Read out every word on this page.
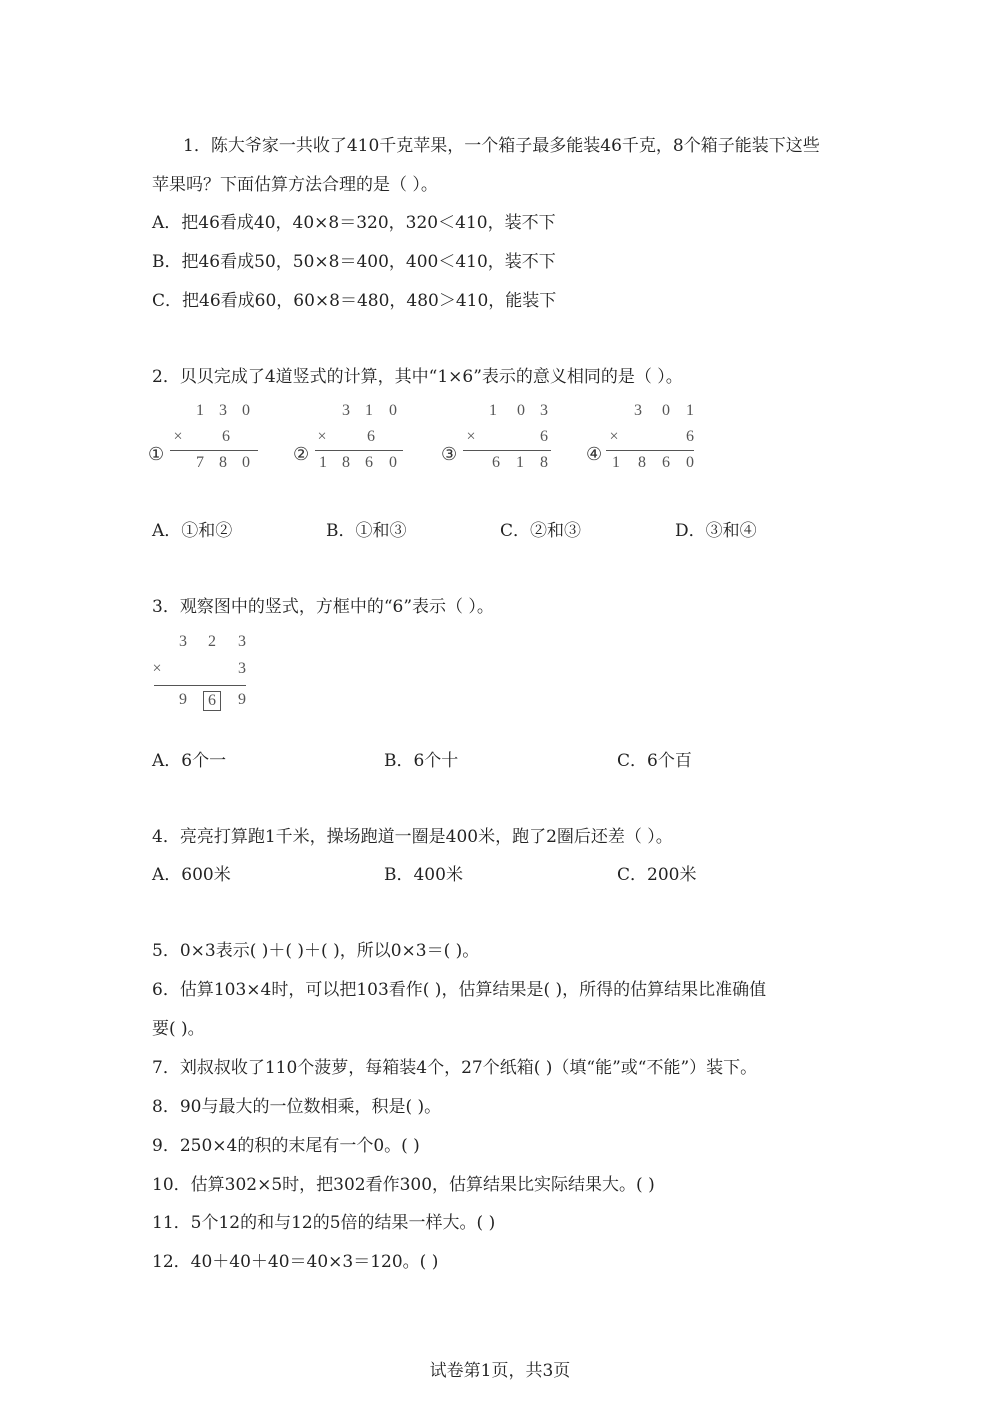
1．陈大爷家一共收了410千克苹果，一个箱子最多能装46千克，8个箱子能装下这些
苹果吗？下面估算方法合理的是（ ）。
A．把46看成40，40×8＝320，320＜410，装不下
B．把46看成50，50×8＝400，400＜410，装不下
C．把46看成60，60×8＝480，480＞410，能装下
2．贝贝完成了4道竖式的计算，其中“1×6”表示的意义相同的是（ ）。
①
1 3 0
× 6
7 8 0 ②
3 1 0
×	6
1 8 6 0 ③
1 0 3
×	6
6 1 8 ④
3 0 1
×	6
1 8 6 0
A．①和②	B．①和③	C．②和③	D．③和④
3．观察图中的竖式，方框中的“6”表示（ ）。
3 2 3
×	3
9	6	9
A．6个一	B．6个十	C．6个百
4．亮亮打算跑1千米，操场跑道一圈是400米，跑了2圈后还差（ ）。
A．600米	B．400米	C．200米
5．0×3表示( )＋( )＋( )，所以0×3＝( )。
6．估算103×4时，可以把103看作( )，估算结果是( )，所得的估算结果比准确值
要( )。
7．刘叔叔收了110个菠萝，每箱装4个，27个纸箱( )（填“能”或“不能”）装下。
8．90与最大的一位数相乘，积是( )。
9．250×4的积的末尾有一个0。( )
10．估算302×5时，把302看作300，估算结果比实际结果大。( )
11．5个12的和与12的5倍的结果一样大。( )
12．40＋40＋40＝40×3＝120。( )
试卷第1页，共3页
